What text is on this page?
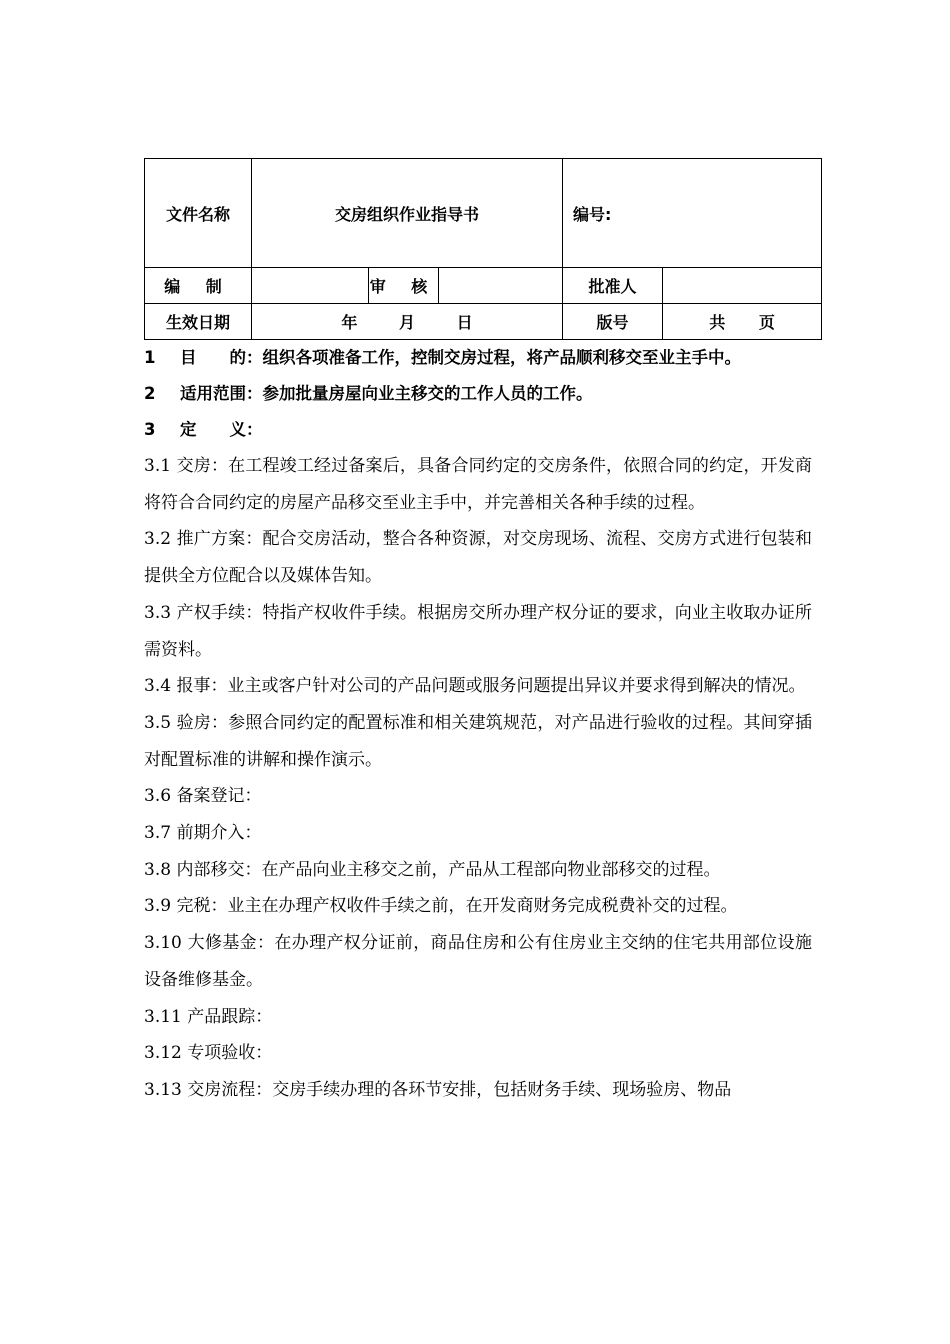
文件名称	交房组织作业指导书			编号:	
编 制		审 核		批准人	
生效日期	年 月 日			版号	共 页
1	目　　的：组织各项准备工作，控制交房过程，将产品顺利移交至业主手中。
2	适用范围：参加批量房屋向业主移交的工作人员的工作。
3	定　　义：
3.1 交房：在工程竣工经过备案后，具备合同约定的交房条件，依照合同的约定，开发商将符合合同约定的房屋产品移交至业主手中，并完善相关各种手续的过程。
3.2 推广方案：配合交房活动，整合各种资源，对交房现场、流程、交房方式进行包装和提供全方位配合以及媒体告知。
3.3 产权手续：特指产权收件手续。根据房交所办理产权分证的要求，向业主收取办证所需资料。
3.4 报事：业主或客户针对公司的产品问题或服务问题提出异议并要求得到解决的情况。
3.5 验房：参照合同约定的配置标准和相关建筑规范，对产品进行验收的过程。其间穿插对配置标准的讲解和操作演示。
3.6 备案登记：
3.7 前期介入：
3.8 内部移交：在产品向业主移交之前，产品从工程部向物业部移交的过程。
3.9 完税：业主在办理产权收件手续之前，在开发商财务完成税费补交的过程。
3.10 大修基金：在办理产权分证前，商品住房和公有住房业主交纳的住宅共用部位设施设备维修基金。
3.11 产品跟踪：
3.12 专项验收：
3.13 交房流程：交房手续办理的各环节安排，包括财务手续、现场验房、物品
